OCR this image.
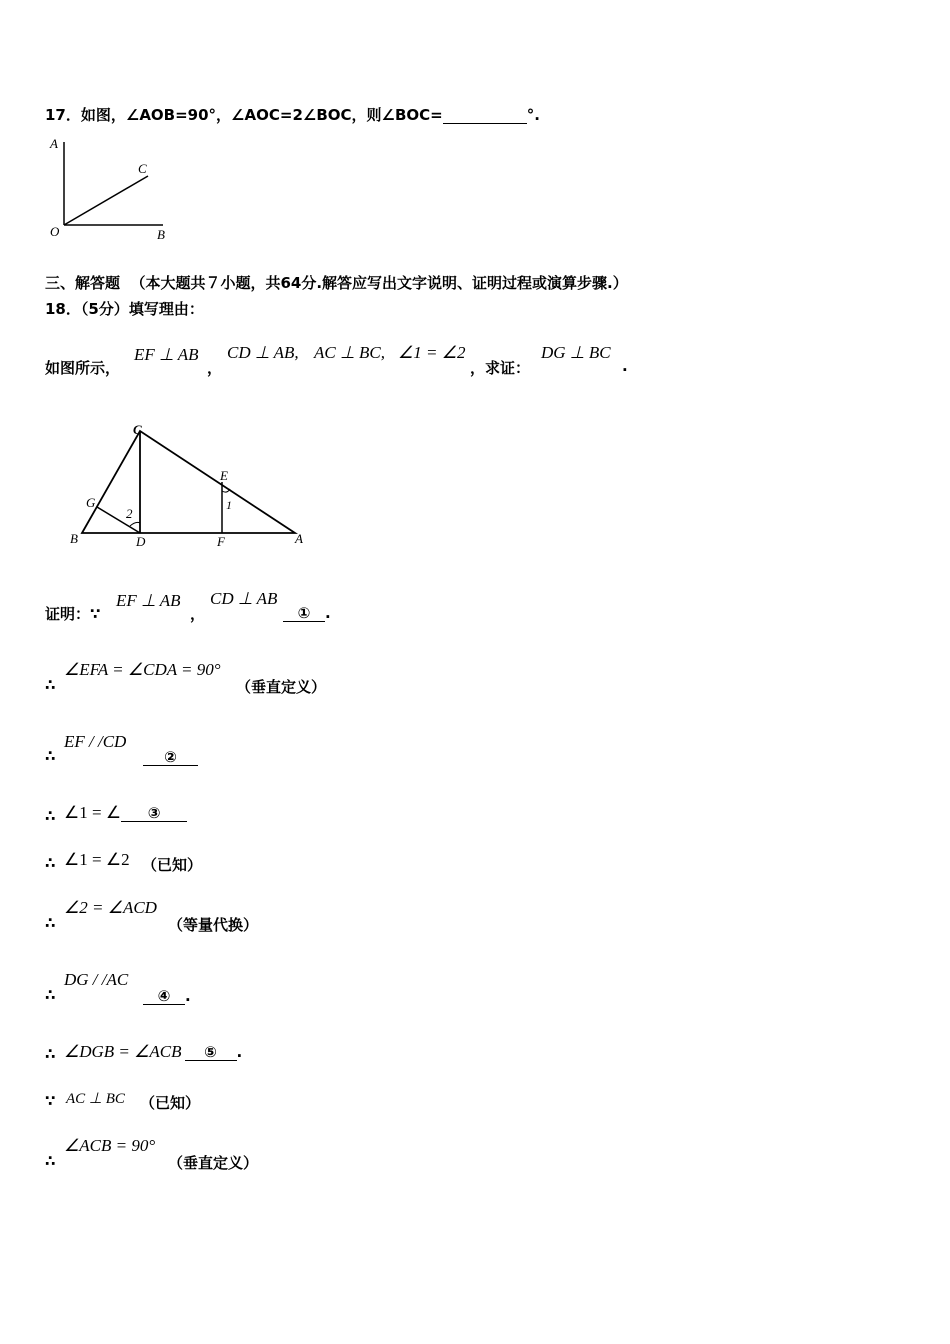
17．如图，∠AOB=90°，∠AOC=2∠BOC，则∠BOC=	°.
A
C
O	B
三、解答题 （本大题共７小题，共64分.解答应写出文字说明、证明过程或演算步骤.）
18．（5分）填写理由：
如图所示，
EF ⊥ AB
，
CD ⊥ AB, AC ⊥ BC, ∠1 = ∠2
，求证：
DG ⊥ BC
.
C
E
G
B	D	F	A
1
2
证明：∵
EF ⊥ AB
，
CD ⊥ AB
① .
∴
∠EFA = ∠CDA = 90°
（垂直定义）
∴
EF / /CD
②
∴ ∠1 = ∠ ③
∴ ∠1 = ∠2 （已知）
∴
∠2 = ∠ACD
（等量代换）
∴
DG / /AC
④ .
∴ ∠DGB = ∠ACB ⑤ .
∵ AC ⊥ BC （已知）
∴
∠ACB = 90°
（垂直定义）
